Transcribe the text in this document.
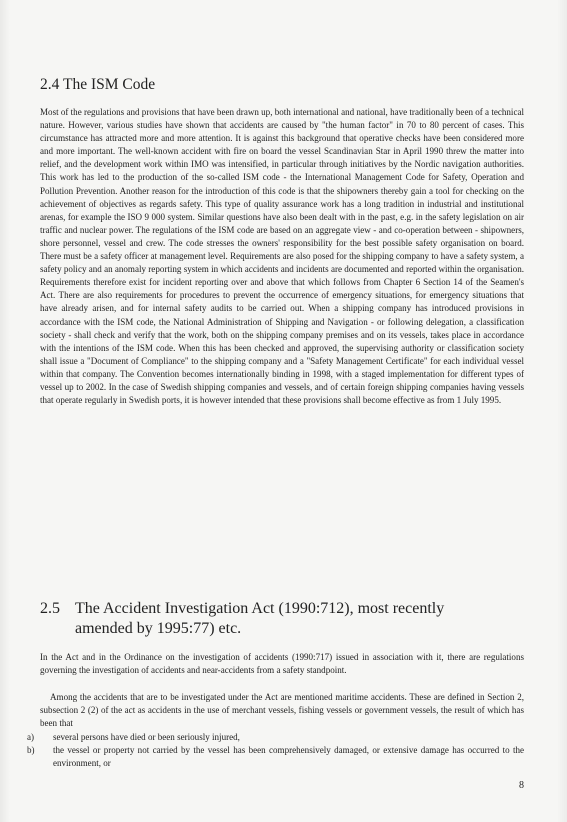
2.4 The ISM Code

Most of the regulations and provisions that have been drawn up, both international and national, have traditionally been of a technical nature. However, various studies have shown that accidents are caused by "the human factor" in 70 to 80 percent of cases. This circumstance has attracted more and more attention. It is against this background that operative checks have been considered more and more important. The well-known accident with fire on board the vessel Scandinavian Star in April 1990 threw the matter into relief, and the development work within IMO was intensified, in particular through initiatives by the Nordic navigation authorities. This work has led to the production of the so-called ISM code - the International Management Code for Safety, Operation and Pollution Prevention. Another reason for the introduction of this code is that the shipowners thereby gain a tool for checking on the achievement of objectives as regards safety. This type of quality assurance work has a long tradition in industrial and institutional arenas, for example the ISO 9 000 system. Similar questions have also been dealt with in the past, e.g. in the safety legislation on air traffic and nuclear power. The regulations of the ISM code are based on an aggregate view - and co-operation between - shipowners, shore personnel, vessel and crew. The code stresses the owners' responsibility for the best possible safety organisation on board. There must be a safety officer at management level. Requirements are also posed for the shipping company to have a safety system, a safety policy and an anomaly reporting system in which accidents and incidents are documented and reported within the organisation. Requirements therefore exist for incident reporting over and above that which follows from Chapter 6 Section 14 of the Seamen's Act. There are also requirements for procedures to prevent the occurrence of emergency situations, for emergency situations that have already arisen, and for internal safety audits to be carried out. When a shipping company has introduced provisions in accordance with the ISM code, the National Administration of Shipping and Navigation - or following delegation, a classification society - shall check and verify that the work, both on the shipping company premises and on its vessels, takes place in accordance with the intentions of the ISM code. When this has been checked and approved, the supervising authority or classification society shall issue a "Document of Compliance" to the shipping company and a "Safety Management Certificate" for each individual vessel within that company. The Convention becomes internationally binding in 1998, with a staged implementation for different types of vessel up to 2002. In the case of Swedish shipping companies and vessels, and of certain foreign shipping companies having vessels that operate regularly in Swedish ports, it is however intended that these provisions shall become effective as from 1 July 1995.

2.5 The Accident Investigation Act (1990:712), most recently
amended by 1995:77) etc.

In the Act and in the Ordinance on the investigation of accidents (1990:717) issued in association with it, there are regulations governing the investigation of accidents and near-accidents from a safety standpoint.

Among the accidents that are to be investigated under the Act are mentioned maritime accidents. These are defined in Section 2, subsection 2 (2) of the act as accidents in the use of merchant vessels, fishing vessels or government vessels, the result of which has been that

a) several persons have died or been seriously injured,
b) the vessel or property not carried by the vessel has been comprehensively damaged, or extensive damage has occurred to the environment, or
8
